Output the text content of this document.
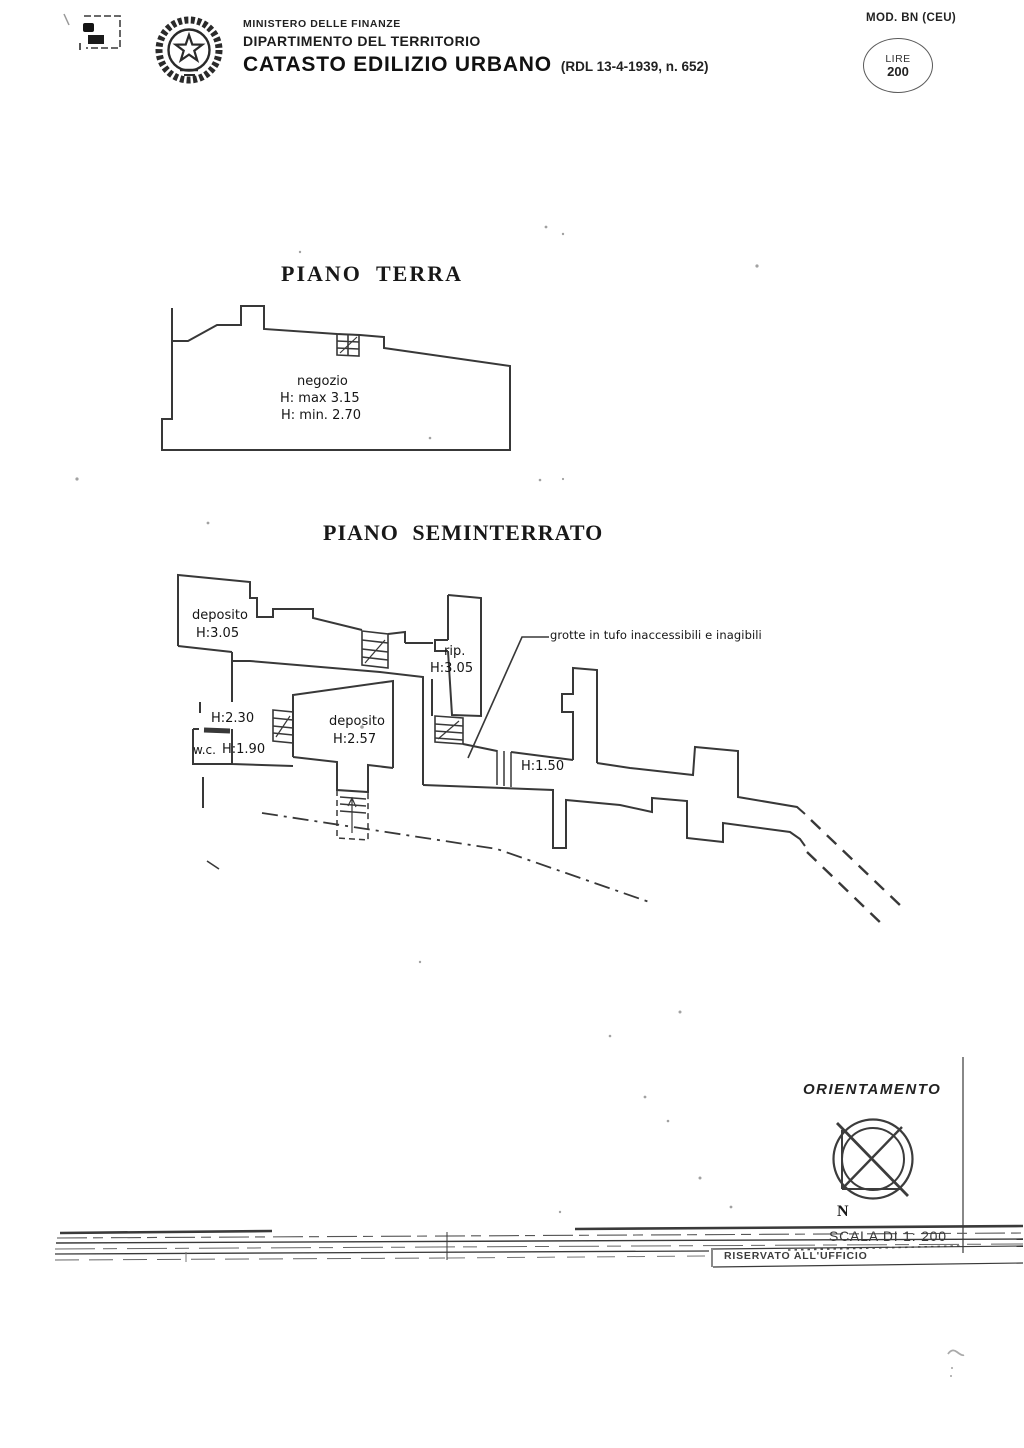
MINISTERO DELLE FINANZE
DIPARTIMENTO DEL TERRITORIO
CATASTO EDILIZIO URBANO (RDL 13-4-1939, n. 652)
MOD. BN (CEU)
LIRE
200
PIANO TERRA
PIANO SEMINTERRATO
negozio
H: max 3.15
H: min. 2.70
deposito
H:3.05
rip.
H:3.05
H:2.30
w.c. H:1.90
deposito
H:2.57
H:1.50
grotte in tufo inaccessibili e inagibili
ORIENTAMENTO
N
SCALA DI 1: 200
RISERVATO ALL'UFFICIO
